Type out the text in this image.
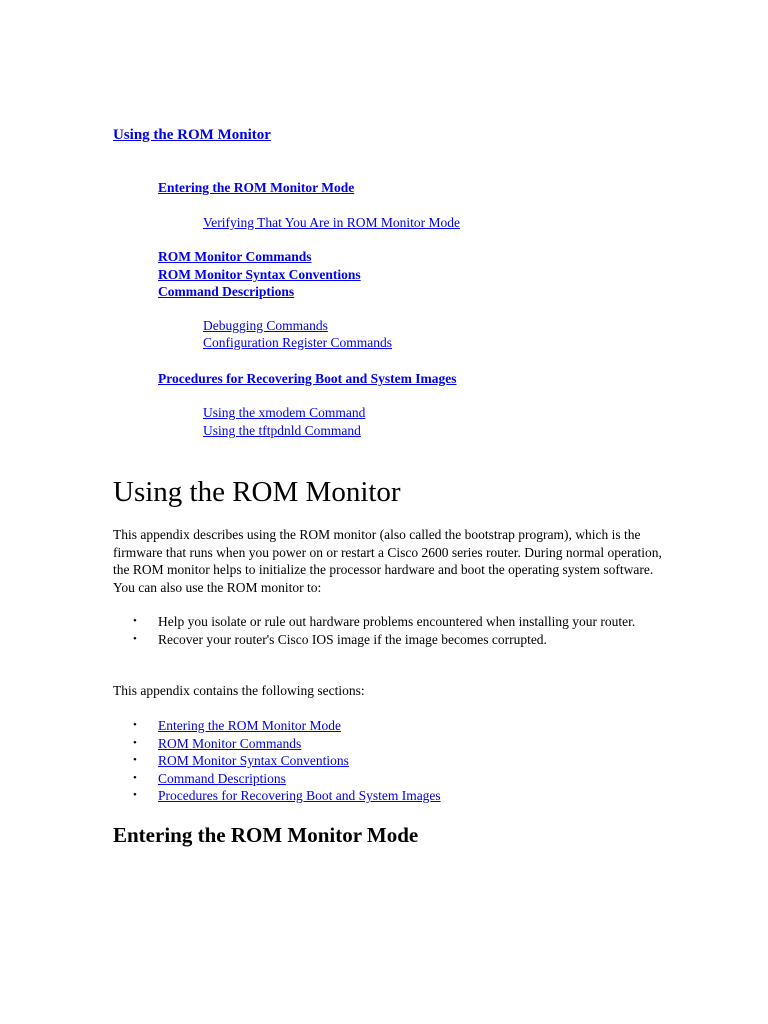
Using the ROM Monitor
Entering the ROM Monitor Mode
Verifying That You Are in ROM Monitor Mode
ROM Monitor Commands
ROM Monitor Syntax Conventions
Command Descriptions
Debugging Commands
Configuration Register Commands
Procedures for Recovering Boot and System Images
Using the xmodem Command
Using the tftpdnld Command
Using the ROM Monitor

This appendix describes using the ROM monitor (also called the bootstrap program), which is the firmware that runs when you power on or restart a Cisco 2600 series router. During normal operation, the ROM monitor helps to initialize the processor hardware and boot the operating system software. You can also use the ROM monitor to:

• Help you isolate or rule out hardware problems encountered when installing your router.
• Recover your router's Cisco IOS image if the image becomes corrupted.

This appendix contains the following sections:

• Entering the ROM Monitor Mode
• ROM Monitor Commands
• ROM Monitor Syntax Conventions
• Command Descriptions
• Procedures for Recovering Boot and System Images
Entering the ROM Monitor Mode
